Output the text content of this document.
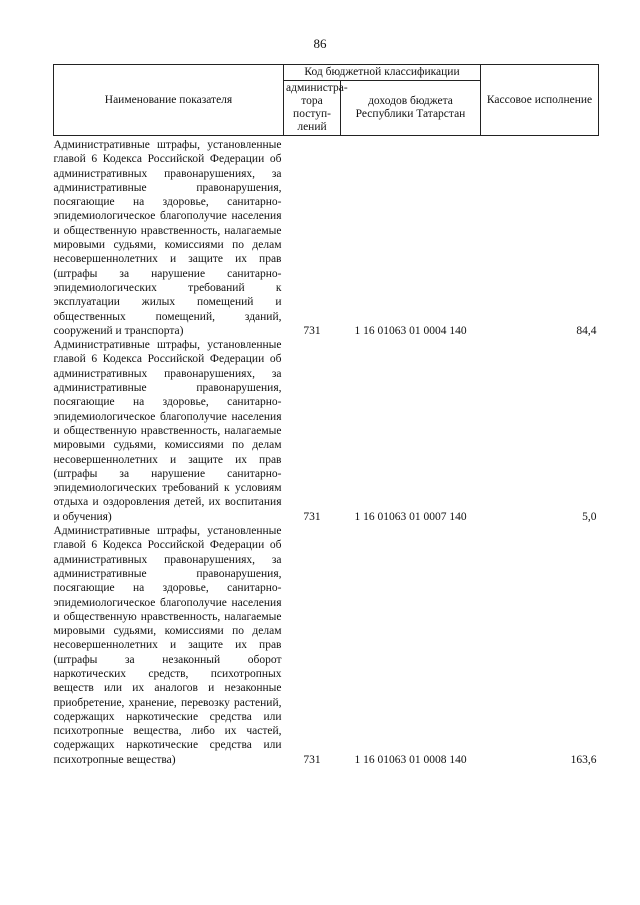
86
Наименование показателя	Код бюджетной классификации		Кассовое исполнение
	администра-тора поступ-лений	доходов бюджета Республики Татарстан	
Административные штрафы, установленные главой 6 Кодекса Российской Федерации об административных правонарушениях, за административные правонарушения, посягающие на здоровье, санитарно-эпидемиологическое благополучие населения и общественную нравственность, налагаемые мировыми судьями, комиссиями по делам несовершеннолетних и защите их прав (штрафы за нарушение санитарно-эпидемиологических требований к эксплуатации жилых помещений и общественных помещений, зданий, сооружений и транспорта)	731	1 16 01063 01 0004 140	84,4
Административные штрафы, установленные главой 6 Кодекса Российской Федерации об административных правонарушениях, за административные правонарушения, посягающие на здоровье, санитарно-эпидемиологическое благополучие населения и общественную нравственность, налагаемые мировыми судьями, комиссиями по делам несовершеннолетних и защите их прав (штрафы за нарушение санитарно-эпидемиологических требований к условиям отдыха и оздоровления детей, их воспитания и обучения)	731	1 16 01063 01 0007 140	5,0
Административные штрафы, установленные главой 6 Кодекса Российской Федерации об административных правонарушениях, за административные правонарушения, посягающие на здоровье, санитарно-эпидемиологическое благополучие населения и общественную нравственность, налагаемые мировыми судьями, комиссиями по делам несовершеннолетних и защите их прав (штрафы за незаконный оборот наркотических средств, психотропных веществ или их аналогов и незаконные приобретение, хранение, перевозку растений, содержащих наркотические средства или психотропные вещества, либо их частей, содержащих наркотические средства или психотропные вещества)	731	1 16 01063 01 0008 140	163,6
